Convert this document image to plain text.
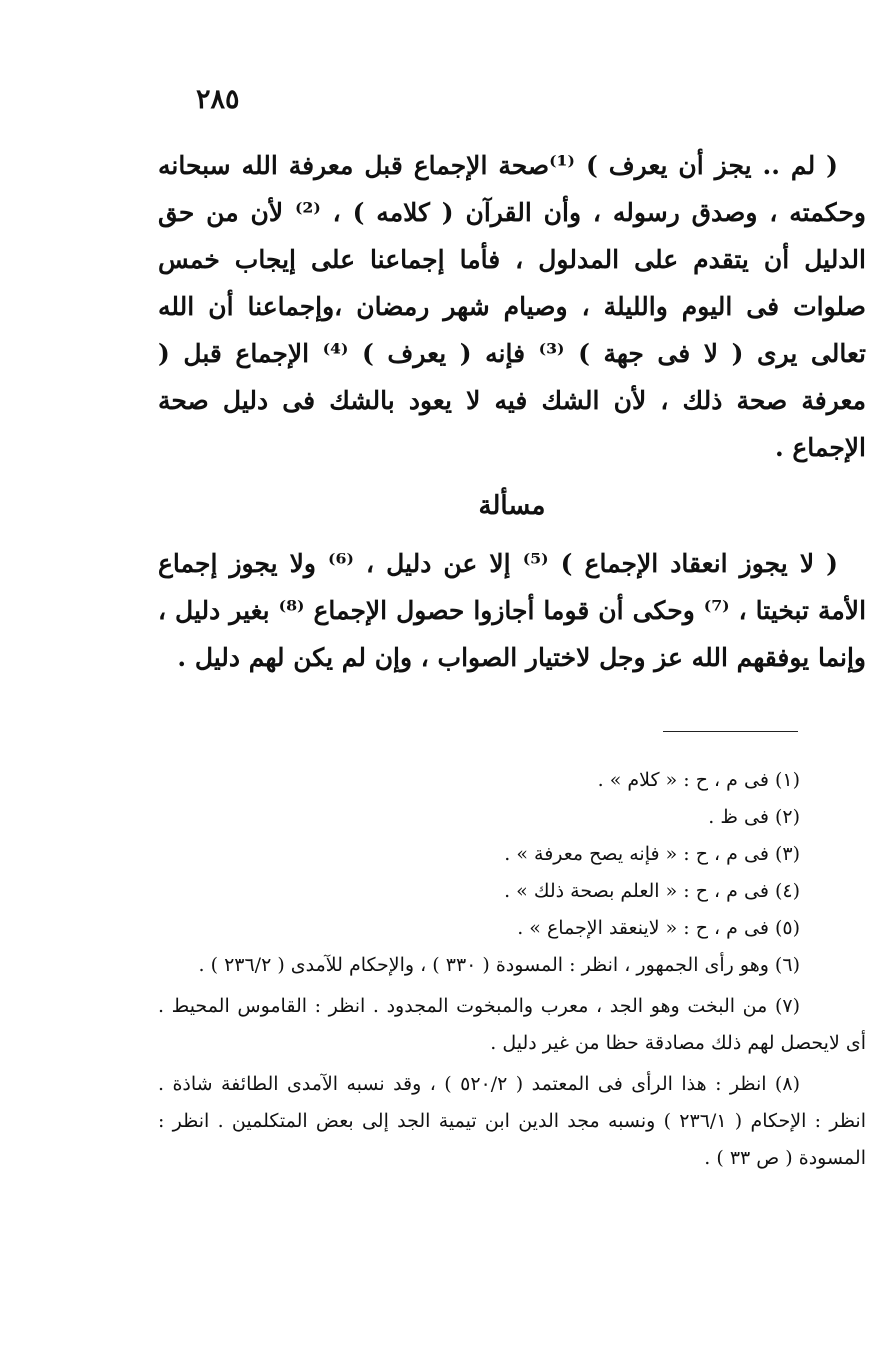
٢٨٥

( لم .. يجز أن يعرف ) ⁽¹⁾صحة الإجماع قبل معرفة الله سبحانه وحكمته ، وصدق رسوله ، وأن القرآن ( كلامه ) ، ⁽²⁾ لأن من حق الدليل أن يتقدم على المدلول ، فأما إجماعنا على إيجاب خمس صلوات فى اليوم والليلة ، وصيام شهر رمضان ،وإجماعنا أن الله تعالى يرى ( لا فى جهة ) ⁽³⁾ فإنه ( يعرف ) ⁽⁴⁾ الإجماع قبل ( معرفة صحة ذلك ، لأن الشك فيه لا يعود بالشك فى دليل صحة الإجماع .

مسألة

( لا يجوز انعقاد الإجماع ) ⁽⁵⁾ إلا عن دليل ، ⁽⁶⁾ ولا يجوز إجماع الأمة تبخيتا ، ⁽⁷⁾ وحكى أن قوما أجازوا حصول الإجماع ⁽⁸⁾ بغير دليل ، وإنما يوفقهم الله عز وجل لاختيار الصواب ، وإن لم يكن لهم دليل .

(١) فى م ، ح : « كلام » .

(٢) فى ظ .

(٣) فى م ، ح : « فإنه يصح معرفة » .

(٤) فى م ، ح : « العلم بصحة ذلك » .

(٥) فى م ، ح : « لاينعقد الإجماع » .

(٦) وهو رأى الجمهور ، انظر : المسودة ( ٣٣٠ ) ، والإحكام للآمدى ( ٢٣٦/٢ ) .

(٧) من البخت وهو الجد ، معرب والمبخوت المجدود . انظر : القاموس المحيط . أى لايحصل لهم ذلك مصادقة حظا من غير دليل .

(٨) انظر : هذا الرأى فى المعتمد ( ٥٢٠/٢ ) ، وقد نسبه الآمدى الطائفة شاذة . انظر : الإحكام ( ٢٣٦/١ ) ونسبه مجد الدين ابن تيمية الجد إلى بعض المتكلمين . انظر : المسودة ( ص ٣٣ ) .
